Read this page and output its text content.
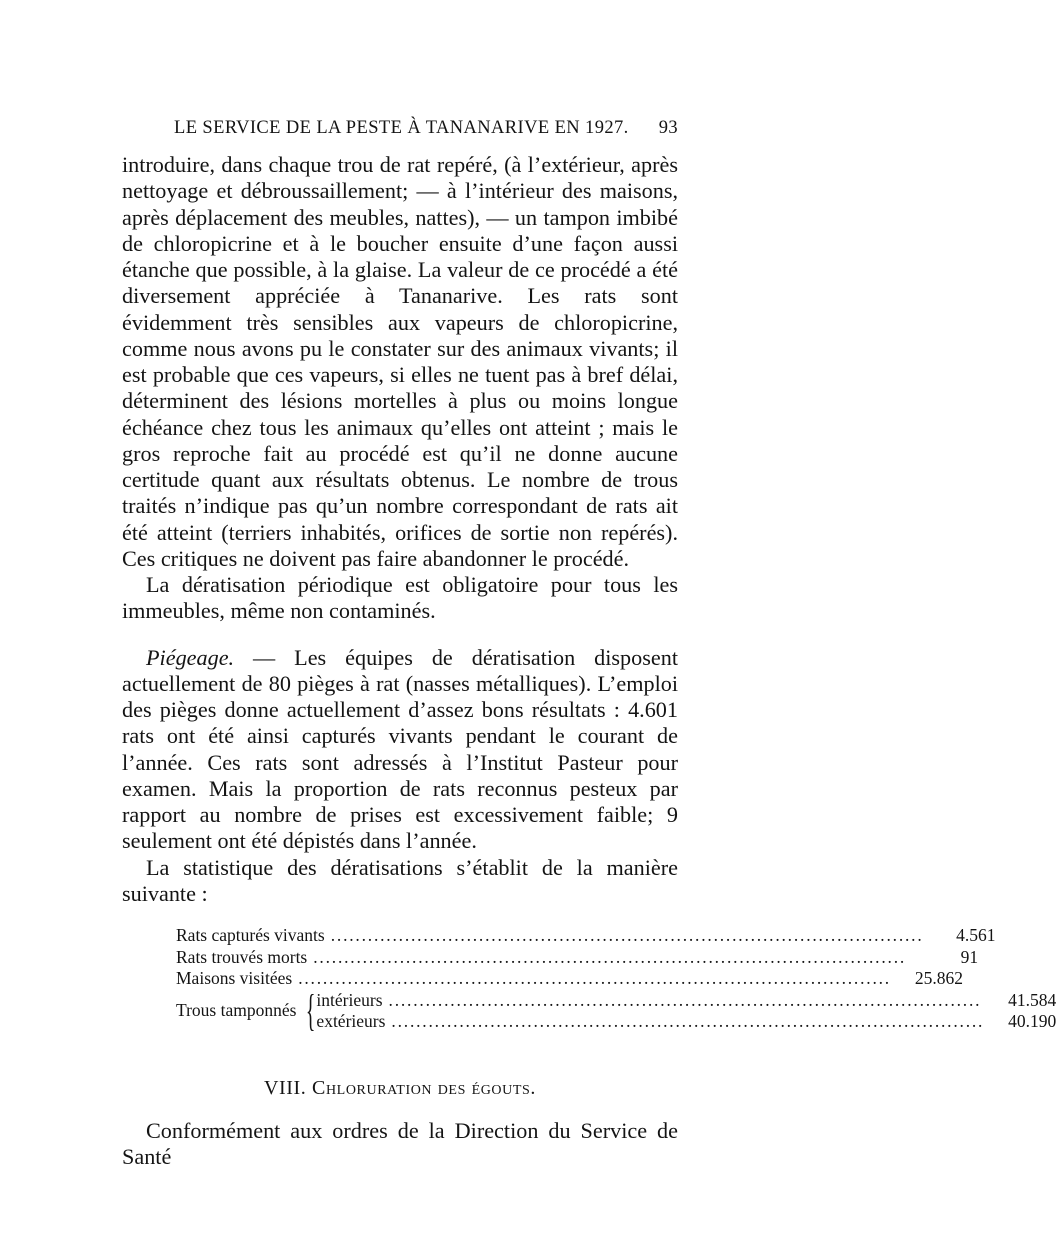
LE SERVICE DE LA PESTE À TANANARIVE EN 1927. 93

introduire, dans chaque trou de rat repéré, (à l’extérieur, après nettoyage et débroussaillement; — à l’intérieur des maisons, après déplacement des meubles, nattes), — un tampon imbibé de chloropicrine et à le boucher ensuite d’une façon aussi étanche que possible, à la glaise. La valeur de ce procédé a été diversement appréciée à Tananarive. Les rats sont évidemment très sensibles aux vapeurs de chloropicrine, comme nous avons pu le constater sur des animaux vivants; il est probable que ces vapeurs, si elles ne tuent pas à bref délai, déterminent des lésions mortelles à plus ou moins longue échéance chez tous les animaux qu’elles ont atteint ; mais le gros reproche fait au procédé est qu’il ne donne aucune certitude quant aux résultats obtenus. Le nombre de trous traités n’indique pas qu’un nombre correspondant de rats ait été atteint (terriers inhabités, orifices de sortie non repérés). Ces critiques ne doivent pas faire abandonner le procédé.

La dératisation périodique est obligatoire pour tous les immeubles, même non contaminés.

Piégeage. — Les équipes de dératisation disposent actuellement de 80 pièges à rat (nasses métalliques). L’emploi des pièges donne actuellement d’assez bons résultats : 4.601 rats ont été ainsi capturés vivants pendant le courant de l’année. Ces rats sont adressés à l’Institut Pasteur pour examen. Mais la proportion de rats reconnus pesteux par rapport au nombre de prises est excessivement faible; 9 seulement ont été dépistés dans l’année.

La statistique des dératisations s’établit de la manière suivante :

Rats capturés vivants .....	4.561
Rats trouvés morts .....	91
Maisons visitées .....	25.862
Trous tamponnés { intérieurs .....	41.584
extérieurs .....	40.190
VIII. Chloruration des égouts.

Conformément aux ordres de la Direction du Service de Santé
